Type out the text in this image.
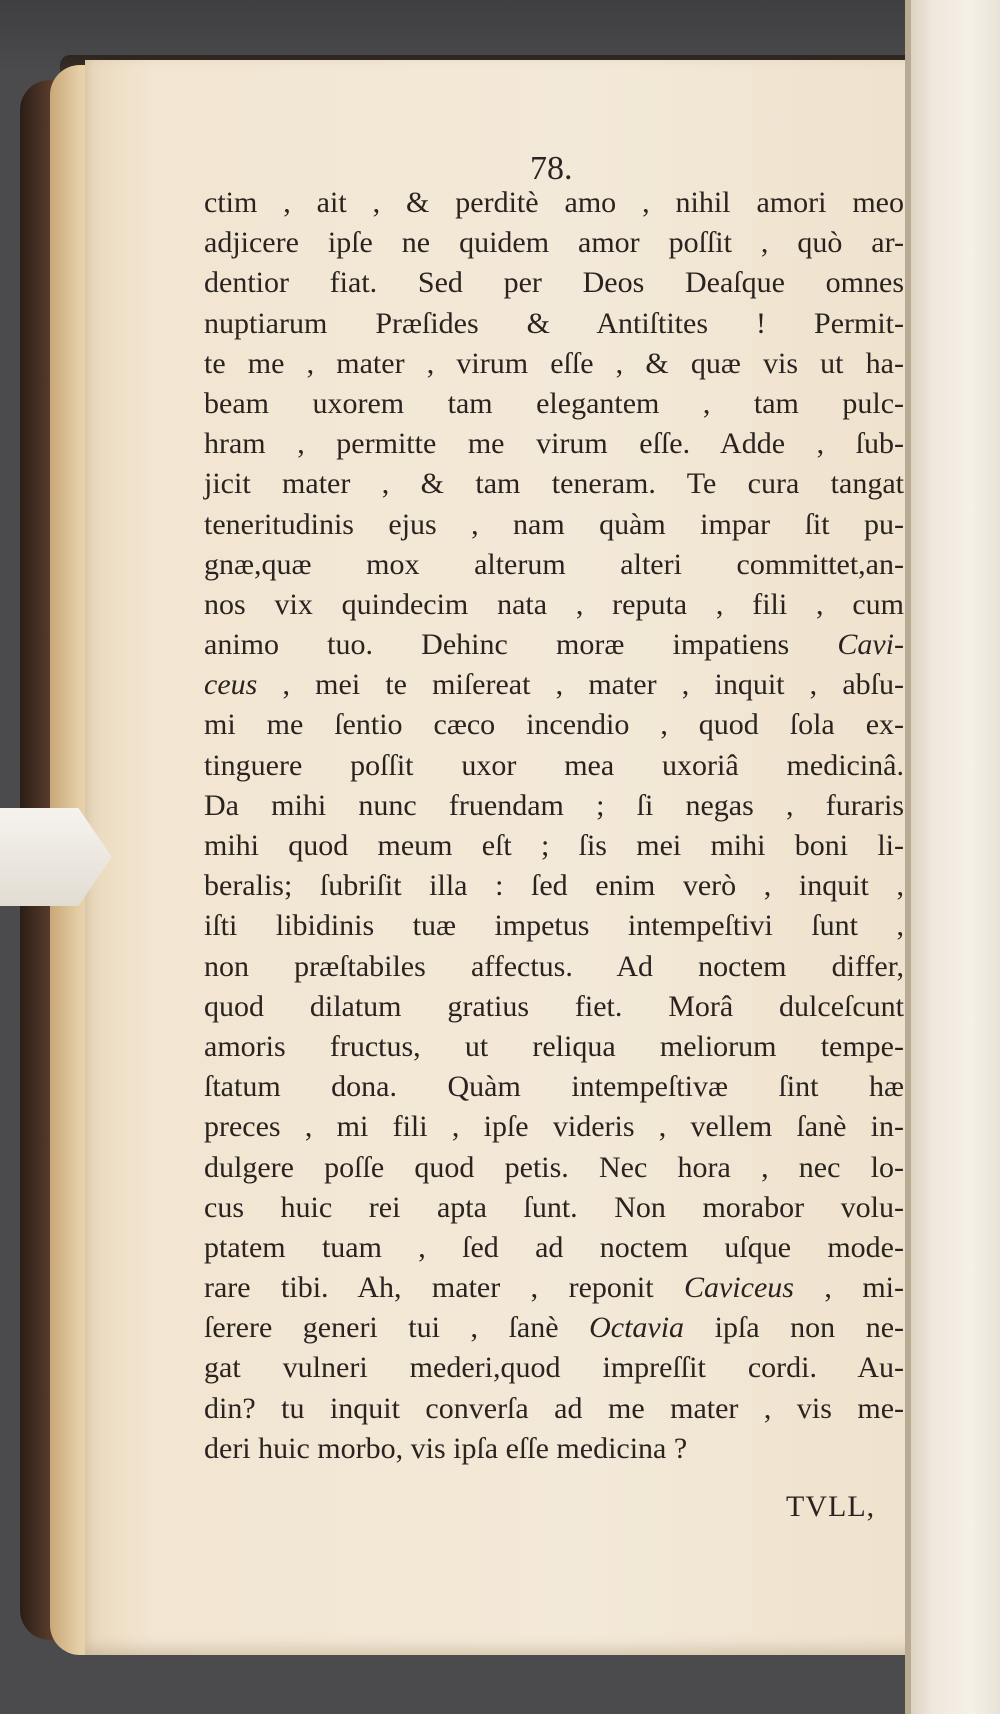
78.
ctim , ait , & perditè amo , nihil amori meo
adjicere ipſe ne quidem amor poſſit , quò ar-
dentior fiat. Sed per Deos Deaſque omnes
nuptiarum Præſides & Antiſtites ! Permit-
te me , mater , virum eſſe , & quæ vis ut ha-
beam uxorem tam elegantem , tam pulc-
hram , permitte me virum eſſe. Adde , ſub-
jicit mater , & tam teneram. Te cura tangat
teneritudinis ejus , nam quàm impar ſit pu-
gnæ,quæ mox alterum alteri committet,an-
nos vix quindecim nata , reputa , fili , cum
animo tuo. Dehinc moræ impatiens Cavi-
ceus , mei te miſereat , mater , inquit , abſu-
mi me ſentio cæco incendio , quod ſola ex-
tinguere poſſit uxor mea uxoriâ medicinâ.
Da mihi nunc fruendam ; ſi negas , furaris
mihi quod meum eſt ; ſis mei mihi boni li-
beralis; ſubriſit illa : ſed enim verò , inquit ,
iſti libidinis tuæ impetus intempeſtivi ſunt ,
non præſtabiles affectus. Ad noctem differ,
quod dilatum gratius fiet. Morâ dulceſcunt
amoris fructus, ut reliqua meliorum tempe-
ſtatum dona. Quàm intempeſtivæ ſint hæ
preces , mi fili , ipſe videris , vellem ſanè in-
dulgere poſſe quod petis. Nec hora , nec lo-
cus huic rei apta ſunt. Non morabor volu-
ptatem tuam , ſed ad noctem uſque mode-
rare tibi. Ah, mater , reponit Caviceus , mi-
ſerere generi tui , ſanè Octavia ipſa non ne-
gat vulneri mederi,quod impreſſit cordi. Au-
din? tu inquit converſa ad me mater , vis me-
deri huic morbo, vis ipſa eſſe medicina ?
TVLL,
